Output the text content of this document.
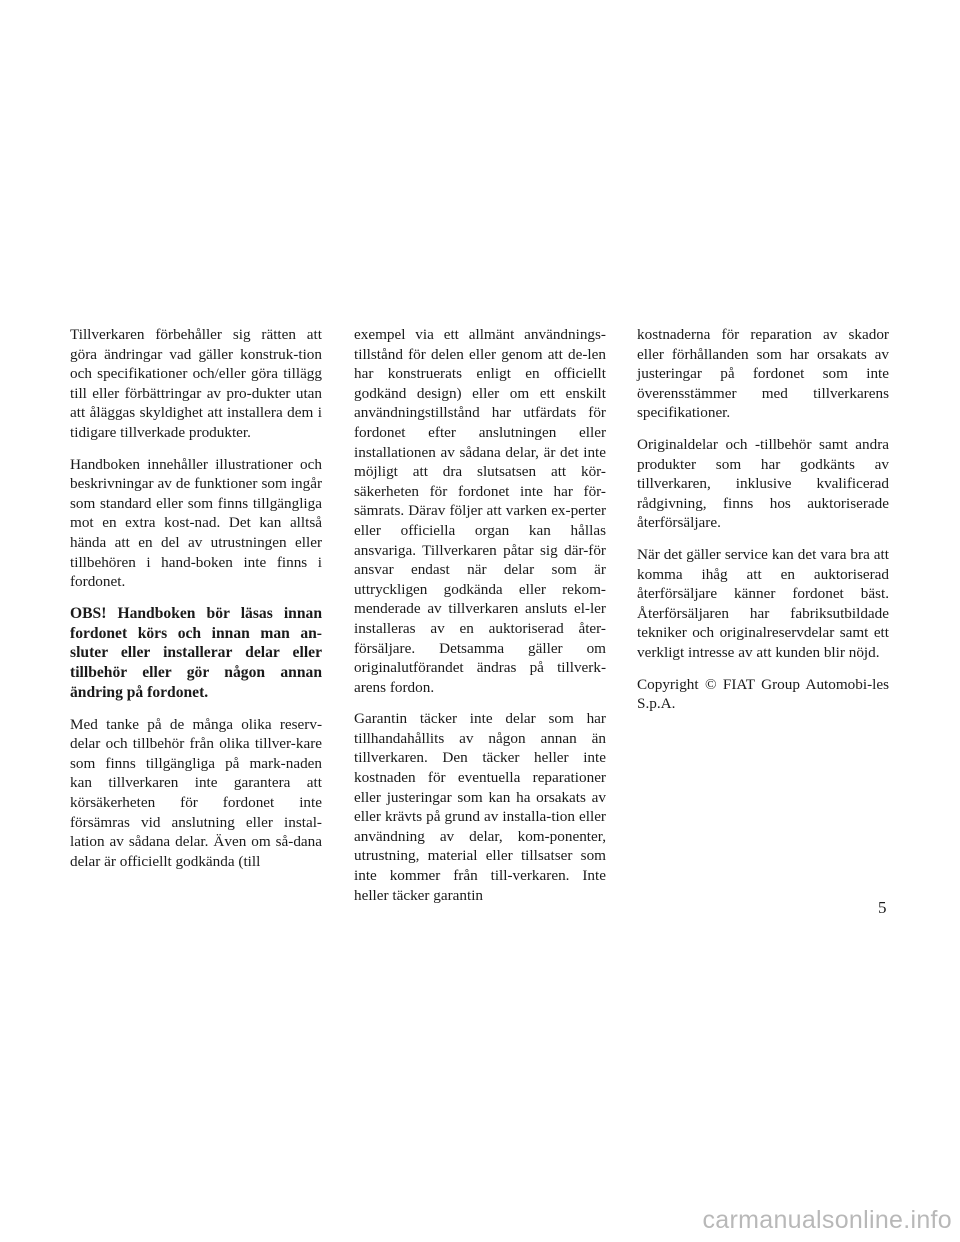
Tillverkaren förbehåller sig rätten att göra ändringar vad gäller konstruk-tion och specifikationer och/eller göra tillägg till eller förbättringar av pro-dukter utan att åläggas skyldighet att installera dem i tidigare tillverkade produkter.

Handboken innehåller illustrationer och beskrivningar av de funktioner som ingår som standard eller som finns tillgängliga mot en extra kost-nad. Det kan alltså hända att en del av utrustningen eller tillbehören i hand-boken inte finns i fordonet.

OBS! Handboken bör läsas innan fordonet körs och innan man an-sluter eller installerar delar eller tillbehör eller gör någon annan ändring på fordonet.

Med tanke på de många olika reserv-delar och tillbehör från olika tillver-kare som finns tillgängliga på mark-naden kan tillverkaren inte garantera att körsäkerheten för fordonet inte försämras vid anslutning eller instal-lation av sådana delar. Även om så-dana delar är officiellt godkända (till

exempel via ett allmänt användnings-tillstånd för delen eller genom att de-len har konstruerats enligt en officiellt godkänd design) eller om ett enskilt användningstillstånd har utfärdats för fordonet efter anslutningen eller installationen av sådana delar, är det inte möjligt att dra slutsatsen att kör-säkerheten för fordonet inte har för-sämrats. Därav följer att varken ex-perter eller officiella organ kan hållas ansvariga. Tillverkaren påtar sig där-för ansvar endast när delar som är uttryckligen godkända eller rekom-menderade av tillverkaren ansluts el-ler installeras av en auktoriserad åter-försäljare. Detsamma gäller om originalutförandet ändras på tillverk-arens fordon.

Garantin täcker inte delar som har tillhandahållits av någon annan än tillverkaren. Den täcker heller inte kostnaden för eventuella reparationer eller justeringar som kan ha orsakats av eller krävts på grund av installa-tion eller användning av delar, kom-ponenter, utrustning, material eller tillsatser som inte kommer från till-verkaren. Inte heller täcker garantin

kostnaderna för reparation av skador eller förhållanden som har orsakats av justeringar på fordonet som inte överensstämmer med tillverkarens specifikationer.

Originaldelar och -tillbehör samt andra produkter som har godkänts av tillverkaren, inklusive kvalificerad rådgivning, finns hos auktoriserade återförsäljare.

När det gäller service kan det vara bra att komma ihåg att en auktoriserad återförsäljare känner fordonet bäst. Återförsäljaren har fabriksutbildade tekniker och originalreservdelar samt ett verkligt intresse av att kunden blir nöjd.

Copyright © FIAT Group Automobi-les S.p.A.

5
carmanualsonline.info
